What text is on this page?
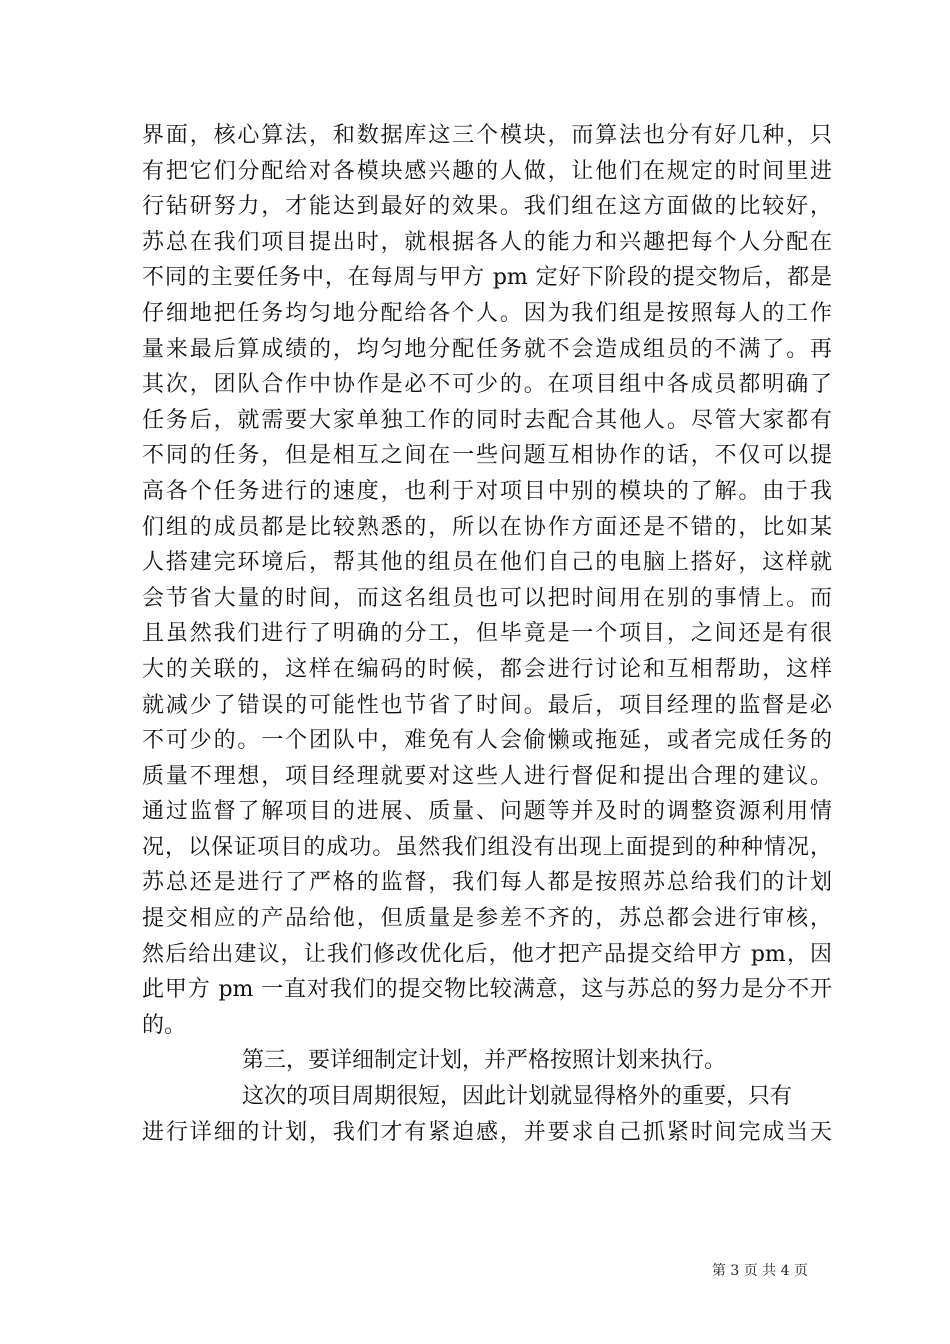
界面，核心算法，和数据库这三个模块，而算法也分有好几种，只
有把它们分配给对各模块感兴趣的人做，让他们在规定的时间里进
行钻研努力，才能达到最好的效果。我们组在这方面做的比较好，
苏总在我们项目提出时，就根据各人的能力和兴趣把每个人分配在
不同的主要任务中，在每周与甲方 pm 定好下阶段的提交物后，都是
仔细地把任务均匀地分配给各个人。因为我们组是按照每人的工作
量来最后算成绩的，均匀地分配任务就不会造成组员的不满了。再
其次，团队合作中协作是必不可少的。在项目组中各成员都明确了
任务后，就需要大家单独工作的同时去配合其他人。尽管大家都有
不同的任务，但是相互之间在一些问题互相协作的话，不仅可以提
高各个任务进行的速度，也利于对项目中别的模块的了解。由于我
们组的成员都是比较熟悉的，所以在协作方面还是不错的，比如某
人搭建完环境后，帮其他的组员在他们自己的电脑上搭好，这样就
会节省大量的时间，而这名组员也可以把时间用在别的事情上。而
且虽然我们进行了明确的分工，但毕竟是一个项目，之间还是有很
大的关联的，这样在编码的时候，都会进行讨论和互相帮助，这样
就减少了错误的可能性也节省了时间。最后，项目经理的监督是必
不可少的。一个团队中，难免有人会偷懒或拖延，或者完成任务的
质量不理想，项目经理就要对这些人进行督促和提出合理的建议。
通过监督了解项目的进展、质量、问题等并及时的调整资源利用情
况，以保证项目的成功。虽然我们组没有出现上面提到的种种情况，
苏总还是进行了严格的监督，我们每人都是按照苏总给我们的计划
提交相应的产品给他，但质量是参差不齐的，苏总都会进行审核，
然后给出建议，让我们修改优化后，他才把产品提交给甲方 pm，因
此甲方 pm 一直对我们的提交物比较满意，这与苏总的努力是分不开
的。
第三，要详细制定计划，并严格按照计划来执行。
这次的项目周期很短，因此计划就显得格外的重要，只有
进行详细的计划，我们才有紧迫感，并要求自己抓紧时间完成当天
第 3 页 共 4 页
